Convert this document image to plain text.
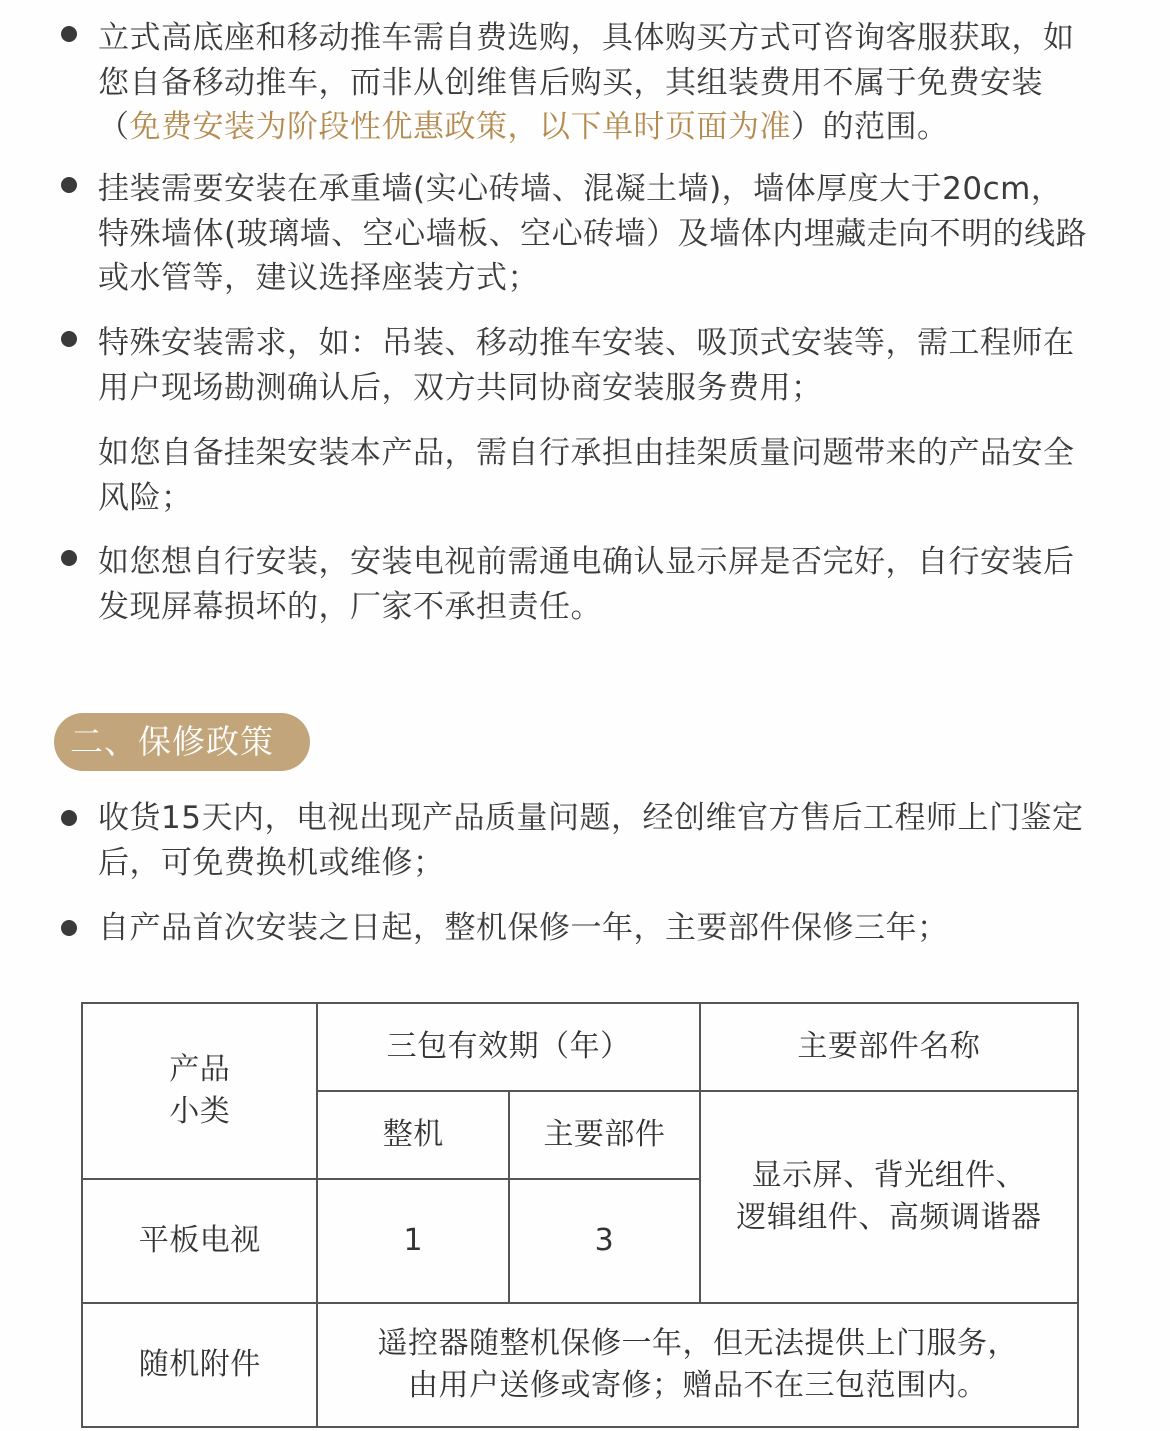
立式高底座和移动推车需自费选购，具体购买方式可咨询客服获取，如您自备移动推车，而非从创维售后购买，其组装费用不属于免费安装（免费安装为阶段性优惠政策，以下单时页面为准）的范围。
挂装需要安装在承重墙(实心砖墙、混凝土墙)，墙体厚度大于20cm，特殊墙体(玻璃墙、空心墙板、空心砖墙）及墙体内埋藏走向不明的线路或水管等，建议选择座装方式；
特殊安装需求，如：吊装、移动推车安装、吸顶式安装等，需工程师在用户现场勘测确认后，双方共同协商安装服务费用；
如您自备挂架安装本产品，需自行承担由挂架质量问题带来的产品安全风险；
如您想自行安装，安装电视前需通电确认显示屏是否完好，自行安装后发现屏幕损坏的，厂家不承担责任。
二、保修政策
收货15天内，电视出现产品质量问题，经创维官方售后工程师上门鉴定后，可免费换机或维修；
自产品首次安装之日起，整机保修一年，主要部件保修三年；
产品
小类	三包有效期（年）		主要部件名称
	整机	主要部件	显示屏、背光组件、
逻辑组件、高频调谐器

平板电视	1	3	
随机附件	遥控器随整机保修一年，但无法提供上门服务，
由用户送修或寄修；赠品不在三包范围内。		
